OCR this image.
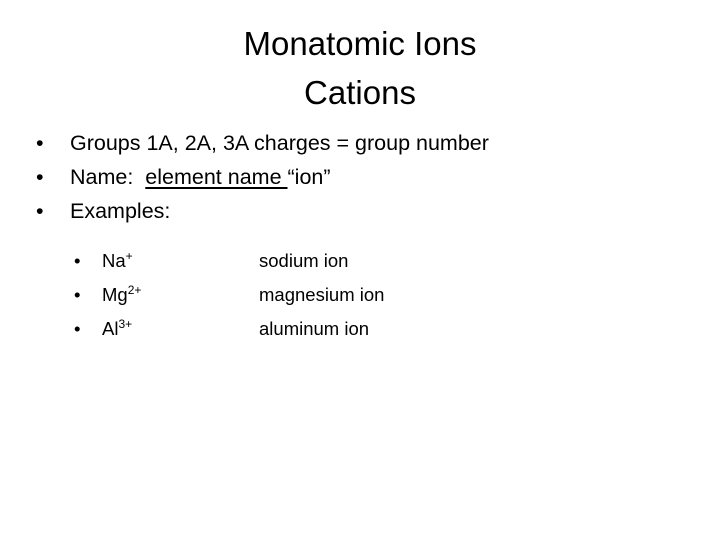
Monatomic Ions
Cations
•	Groups 1A, 2A, 3A charges = group number
•	Name:
element name “ion”
•	Examples:
•	Na+	sodium ion
•	$Mg^{2+}$	magnesium ion
•	$Al^{3+}$	aluminum ion
